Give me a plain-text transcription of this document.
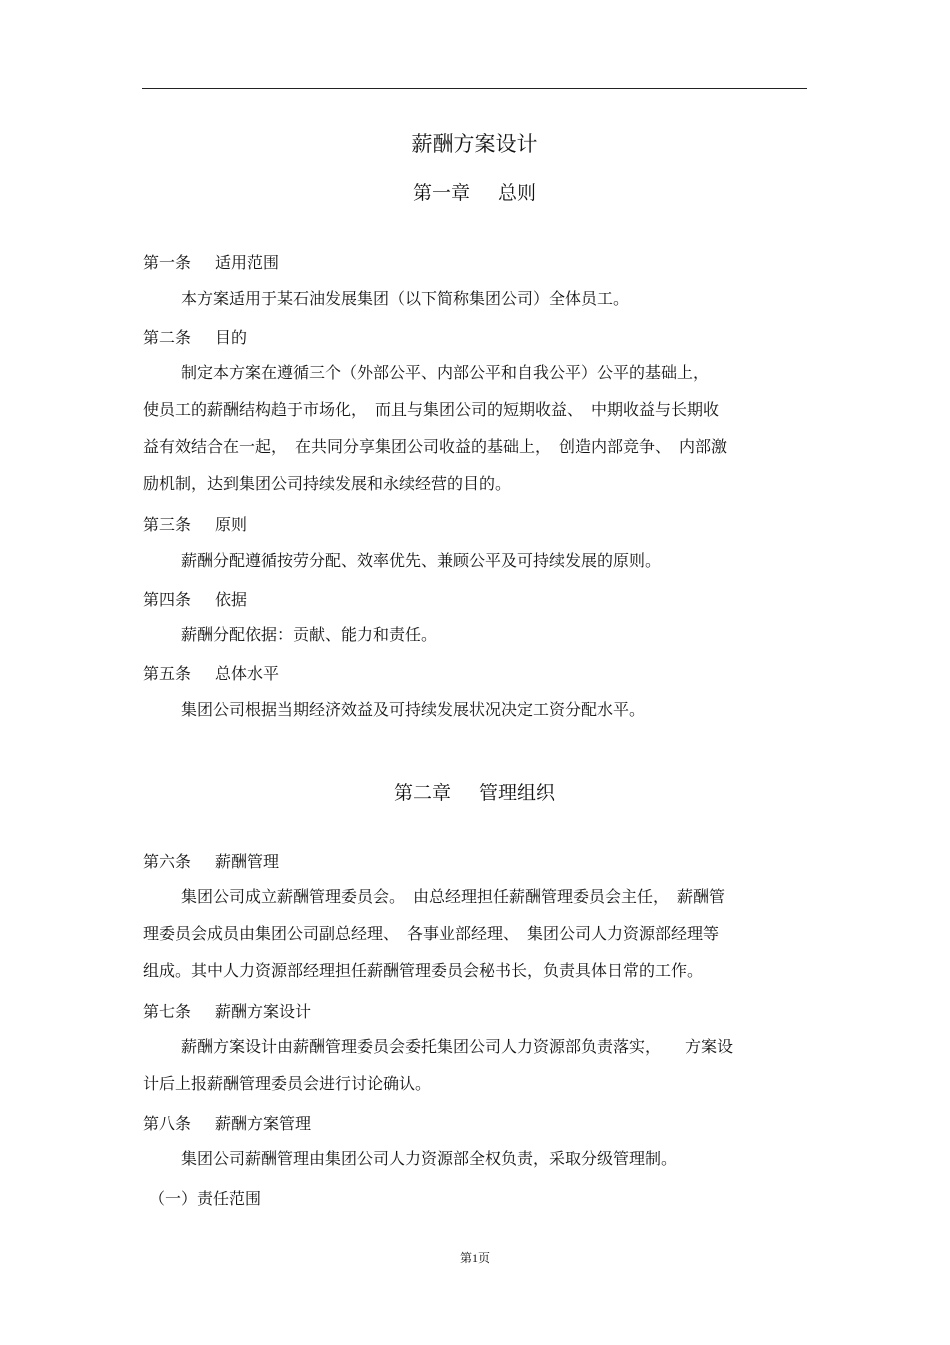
薪酬方案设计
第一章 总则
第一条 适用范围
本方案适用于某石油发展集团（以下简称集团公司）全体员工。
第二条 目的
制定本方案在遵循三个（外部公平、内部公平和自我公平）公平的基础上，
使员工的薪酬结构趋于市场化，　而且与集团公司的短期收益、　中期收益与长期收
益有效结合在一起，　在共同分享集团公司收益的基础上，　创造内部竞争、　内部激
励机制，达到集团公司持续发展和永续经营的目的。
第三条 原则
薪酬分配遵循按劳分配、效率优先、兼顾公平及可持续发展的原则。
第四条 依据
薪酬分配依据：贡献、能力和责任。
第五条 总体水平
集团公司根据当期经济效益及可持续发展状况决定工资分配水平。
第二章 管理组织
第六条 薪酬管理
集团公司成立薪酬管理委员会。　由总经理担任薪酬管理委员会主任，　薪酬管
理委员会成员由集团公司副总经理、　各事业部经理、　集团公司人力资源部经理等
组成。其中人力资源部经理担任薪酬管理委员会秘书长，负责具体日常的工作。
第七条 薪酬方案设计
薪酬方案设计由薪酬管理委员会委托集团公司人力资源部负责落实，　　方案设
计后上报薪酬管理委员会进行讨论确认。
第八条 薪酬方案管理
集团公司薪酬管理由集团公司人力资源部全权负责，采取分级管理制。
（一）责任范围
第1页
